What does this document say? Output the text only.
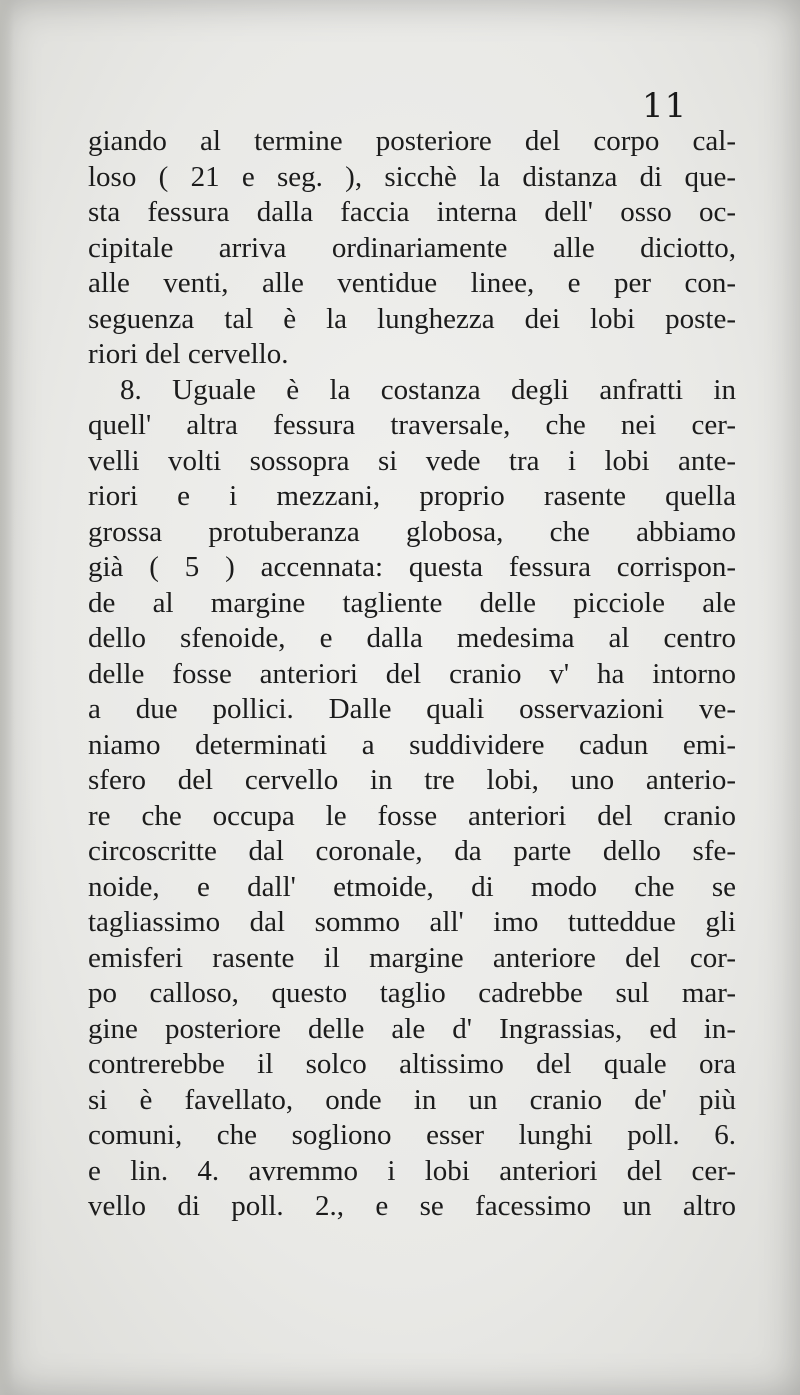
11
giando al termine posteriore del corpo cal-
loso ( 21 e seg. ), sicchè la distanza di que-
sta fessura dalla faccia interna dell' osso oc-
cipitale arriva ordinariamente alle diciotto,
alle venti, alle ventidue linee, e per con-
seguenza tal è la lunghezza dei lobi poste-
riori del cervello.
8. Uguale è la costanza degli anfratti in
quell' altra fessura traversale, che nei cer-
velli volti sossopra si vede tra i lobi ante-
riori e i mezzani, proprio rasente quella
grossa protuberanza globosa, che abbiamo
già ( 5 ) accennata: questa fessura corrispon-
de al margine tagliente delle picciole ale
dello sfenoide, e dalla medesima al centro
delle fosse anteriori del cranio v' ha intorno
a due pollici. Dalle quali osservazioni ve-
niamo determinati a suddividere cadun emi-
sfero del cervello in tre lobi, uno anterio-
re che occupa le fosse anteriori del cranio
circoscritte dal coronale, da parte dello sfe-
noide, e dall' etmoide, di modo che se
tagliassimo dal sommo all' imo tutteddue gli
emisferi rasente il margine anteriore del cor-
po calloso, questo taglio cadrebbe sul mar-
gine posteriore delle ale d' Ingrassias, ed in-
contrerebbe il solco altissimo del quale ora
si è favellato, onde in un cranio de' più
comuni, che sogliono esser lunghi poll. 6.
e lin. 4. avremmo i lobi anteriori del cer-
vello di poll. 2., e se facessimo un altro
